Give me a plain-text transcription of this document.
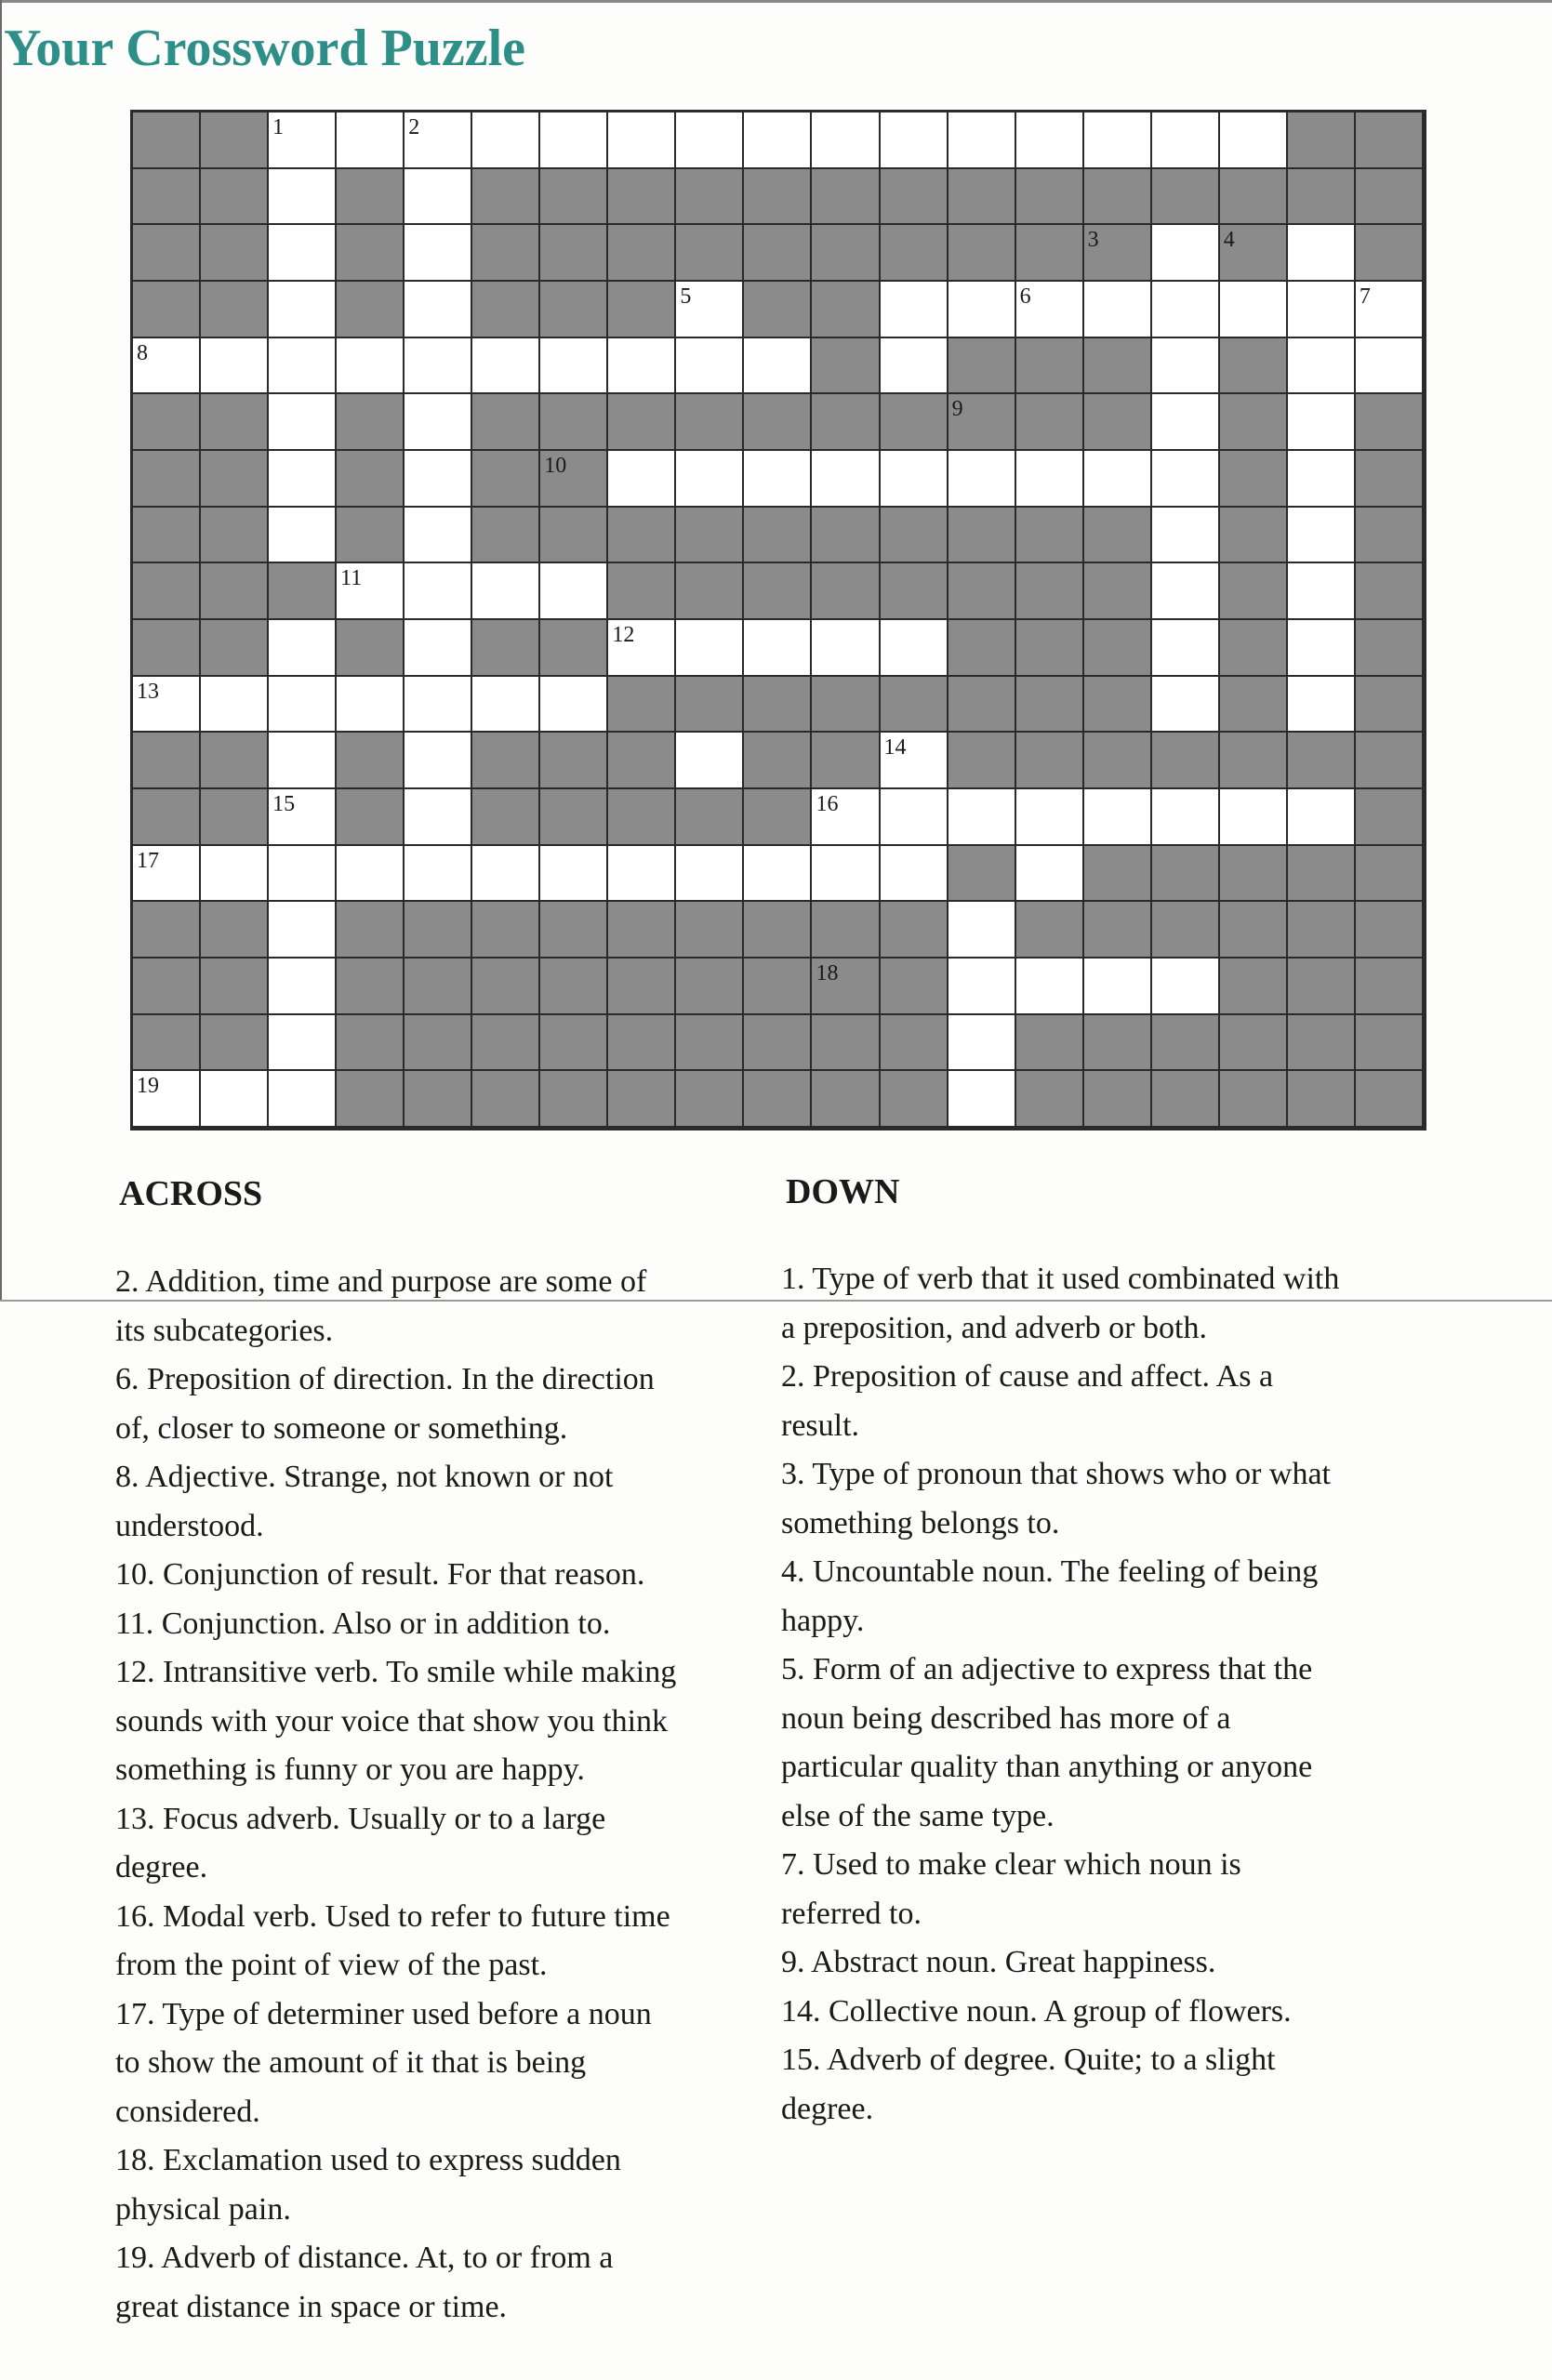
Your Crossword Puzzle
1	2
3	4
5	6	7
8
9
10
11
12
13
14
15	16
17
18
19
ACROSS	DOWN
2. Addition, time and purpose are some of
its subcategories.
6. Preposition of direction. In the direction
of, closer to someone or something.
8. Adjective. Strange, not known or not
understood.
10. Conjunction of result. For that reason.
11. Conjunction. Also or in addition to.
12. Intransitive verb. To smile while making
sounds with your voice that show you think
something is funny or you are happy.
13. Focus adverb. Usually or to a large
degree.
16. Modal verb. Used to refer to future time
from the point of view of the past.
17. Type of determiner used before a noun
to show the amount of it that is being
considered.
18. Exclamation used to express sudden
physical pain.
19. Adverb of distance. At, to or from a
great distance in space or time.
1. Type of verb that it used combinated with
a preposition, and adverb or both.
2. Preposition of cause and affect. As a
result.
3. Type of pronoun that shows who or what
something belongs to.
4. Uncountable noun. The feeling of being
happy.
5. Form of an adjective to express that the
noun being described has more of a
particular quality than anything or anyone
else of the same type.
7. Used to make clear which noun is
referred to.
9. Abstract noun. Great happiness.
14. Collective noun. A group of flowers.
15. Adverb of degree. Quite; to a slight
degree.
